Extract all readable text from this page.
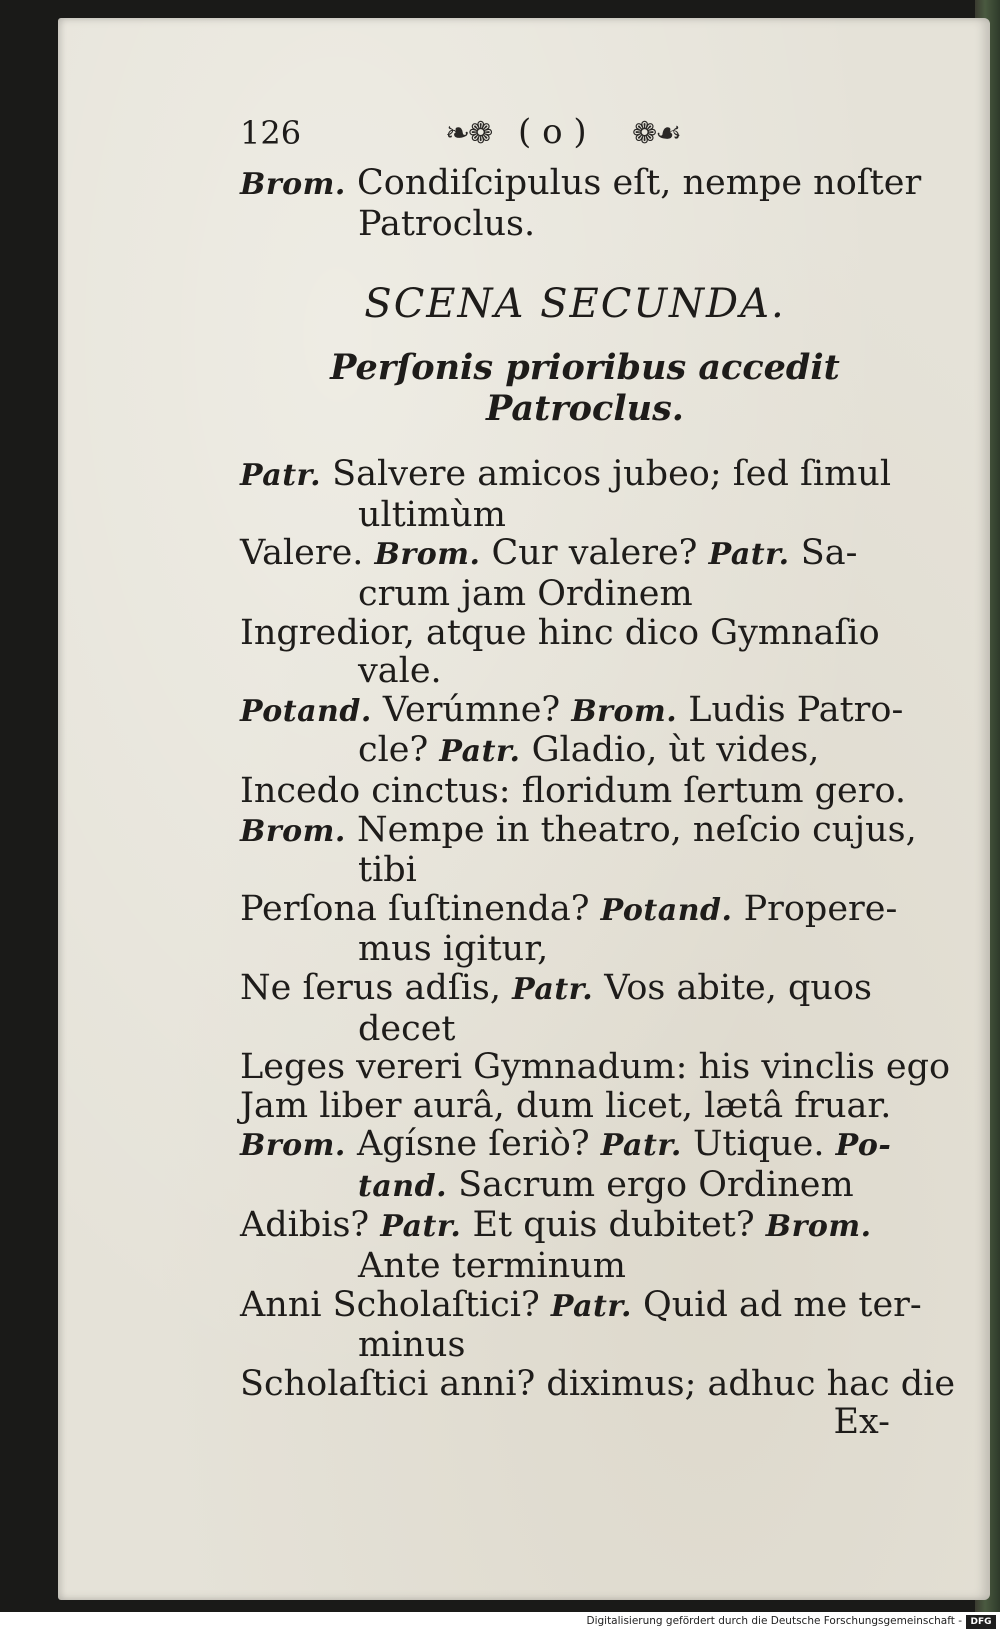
126	❧❁ ( o ) ❁☙
Brom. Condiſcipulus eſt, nempe noſter
Patroclus.
SCENA SECUNDA.
Perſonis prioribus accedit Patroclus.
Patr. Salvere amicos jubeo; ſed ſimul
ultimùm
Valere. Brom. Cur valere? Patr. Sa-
crum jam Ordinem
Ingredior, atque hinc dico Gymnaſio
vale.
Potand. Verúmne? Brom. Ludis Patro-
cle? Patr. Gladio, ùt vides,
Incedo cinctus: floridum ſertum gero.
Brom. Nempe in theatro, neſcio cujus,
tibi
Perſona ſuſtinenda? Potand. Propere-
mus igitur,
Ne ſerus adſis, Patr. Vos abite, quos
decet
Leges vereri Gymnadum: his vinclis ego
Jam liber aurâ, dum licet, lætâ fruar.
Brom. Agísne ſeriò? Patr. Utique. Po-
tand. Sacrum ergo Ordinem
Adibis? Patr. Et quis dubitet? Brom.
Ante terminum
Anni Scholaſtici? Patr. Quid ad me ter-
minus
Scholaſtici anni? diximus; adhuc hac die
Ex-
Digitalisierung gefördert durch die Deutsche Forschungsgemeinschaft - DFG
